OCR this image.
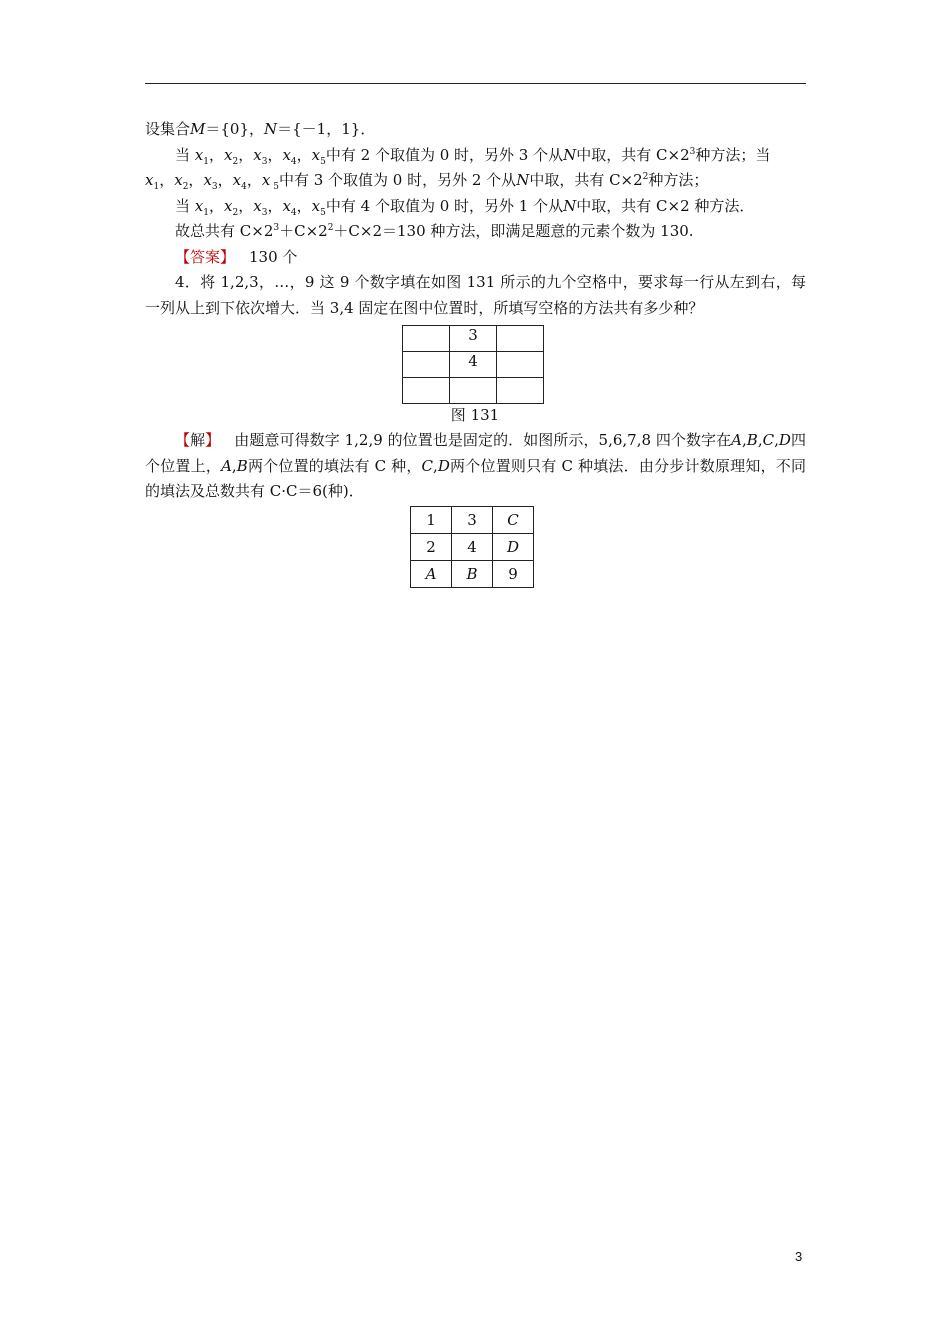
设集合M＝{0}，N＝{－1，1}．
当 $x_1$，$x_2$，$x_3$，$x_4$，$x_5$中有 2 个取值为 0 时，另外 3 个从N中取，共有 $C\times 2^3$种方法；当
$x_1$，$x_2$，$x_3$，$x_4$，x $_5$中有 3 个取值为 0 时，另外 2 个从N中取，共有 $C\times 2^2$种方法；
当 $x_1$，$x_2$，$x_3$，$x_4$，$x_5$中有 4 个取值为 0 时，另外 1 个从N中取，共有 C×2 种方法．
故总共有 $C\times 2^3+C\times 2^2+C\times 2=130$ 种方法，即满足题意的元素个数为 130.
【答案】 130 个
4．将 1,2,3，…，9 这 9 个数字填在如图 131 所示的九个空格中，要求每一行从左到右，每一列从上到下依次增大．当 3,4 固定在图中位置时，所填写空格的方法共有多少种？
	3	
	4	

图 131
【解】 由题意可得数字 1,2,9 的位置也是固定的．如图所示，5,6,7,8 四个数字在A,B,C,D四个位置上，A,B两个位置的填法有 C 种，C,D两个位置则只有 C 种填法．由分步计数原理知，不同的填法及总数共有 C·C＝6(种)．
1	3	C
2	4	D
A	B	9
3
